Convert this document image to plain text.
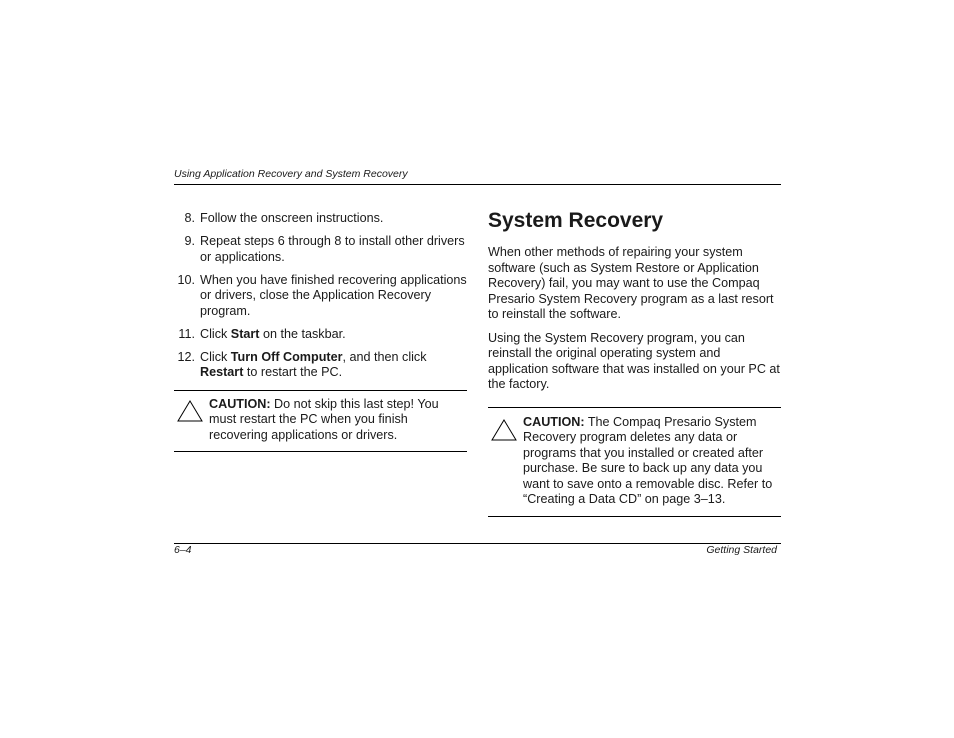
Using Application Recovery and System Recovery
8. Follow the onscreen instructions.
9. Repeat steps 6 through 8 to install other drivers or applications.
10. When you have finished recovering applications or drivers, close the Application Recovery program.
11. Click Start on the taskbar.
12. Click Turn Off Computer, and then click Restart to restart the PC.
CAUTION: Do not skip this last step! You must restart the PC when you finish recovering applications or drivers.
System Recovery

When other methods of repairing your system software (such as System Restore or Application Recovery) fail, you may want to use the Compaq Presario System Recovery program as a last resort to reinstall the software.

Using the System Recovery program, you can reinstall the original operating system and application software that was installed on your PC at the factory.

CAUTION: The Compaq Presario System Recovery program deletes any data or programs that you installed or created after purchase. Be sure to back up any data you want to save onto a removable disc. Refer to “Creating a Data CD” on page 3–13.
6–4	Getting Started
